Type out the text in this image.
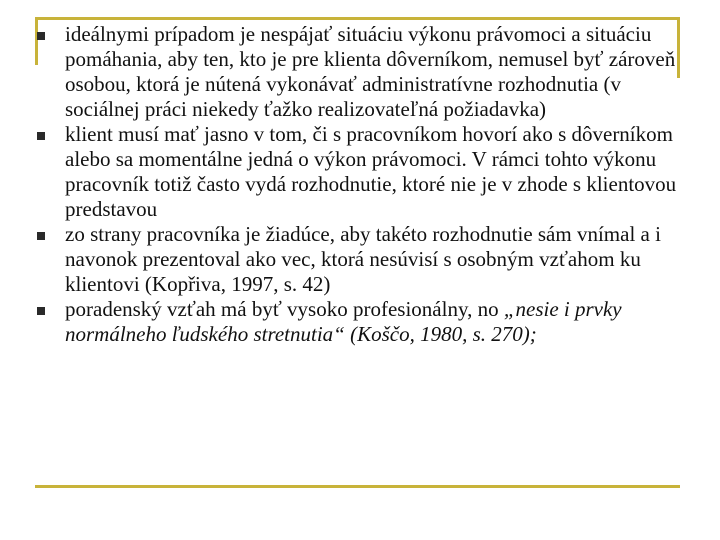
ideálnymi prípadom je nespájať situáciu výkonu právomoci a situáciu pomáhania, aby ten, kto je pre klienta dôverníkom, nemusel byť zároveň osobou, ktorá je nútená vykonávať administratívne rozhodnutia (v sociálnej práci niekedy ťažko realizovateľná požiadavka)
klient musí mať jasno v tom, či s pracovníkom hovorí ako s dôverníkom alebo sa momentálne jedná o výkon právomoci. V rámci tohto výkonu pracovník totiž často vydá rozhodnutie, ktoré nie je v zhode s klientovou predstavou
zo strany pracovníka je žiadúce, aby takéto rozhodnutie sám vnímal a i navonok prezentoval ako vec, ktorá nesúvisí s osobným vzťahom ku klientovi (Kopřiva, 1997, s. 42)
poradenský vzťah má byť vysoko profesionálny, no „nesie i prvky normálneho ľudského stretnutia“ (Koščo, 1980, s. 270);
